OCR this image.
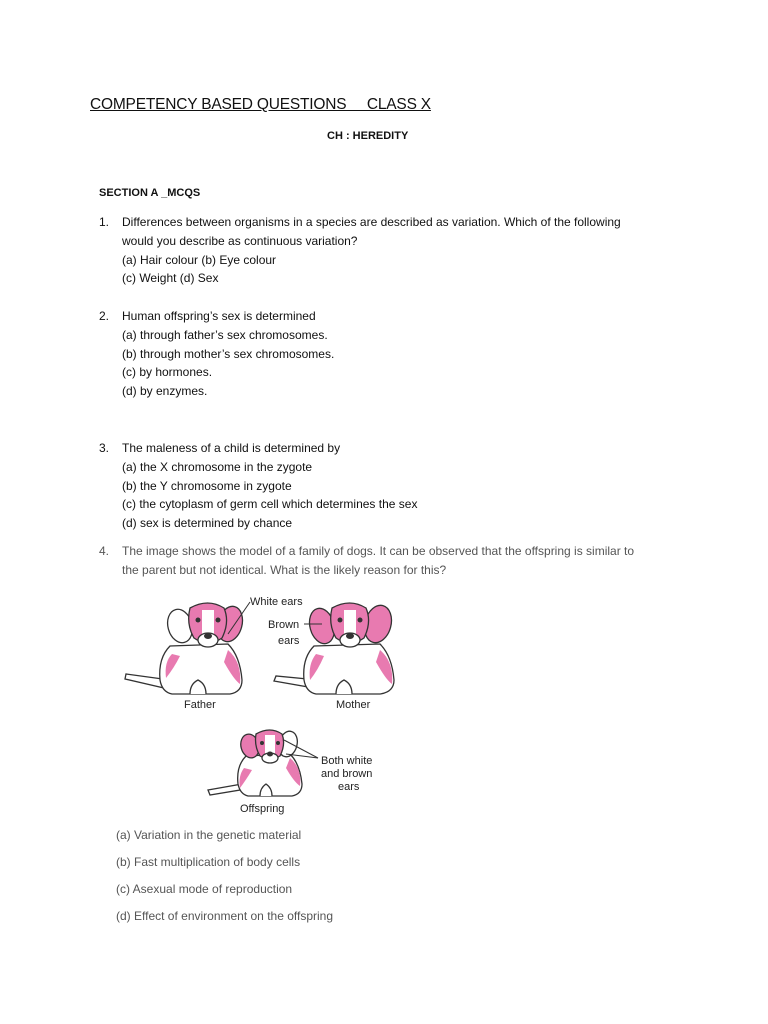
COMPETENCY BASED QUESTIONS     CLASS X
CH : HEREDITY
SECTION A _MCQS
1. Differences between organisms in a species are described as variation. Which of the following
would you describe as continuous variation?
(a) Hair colour (b) Eye colour
(c) Weight (d) Sex
2. Human offspring’s sex is determined
(a) through father’s sex chromosomes.
(b) through mother’s sex chromosomes.
(c) by hormones.
(d) by enzymes.
3. The maleness of a child is determined by
(a) the X chromosome in the zygote
(b) the Y chromosome in zygote
(c) the cytoplasm of germ cell which determines the sex
(d) sex is determined by chance
4. The image shows the model of a family of dogs. It can be observed that the offspring is similar to
the parent but not identical. What is the likely reason for this?
White ears
Brown
ears
Father	Mother
Both white
and brown
ears
Offspring
(a) Variation in the genetic material
(b) Fast multiplication of body cells
(c) Asexual mode of reproduction
(d) Effect of environment on the offspring
